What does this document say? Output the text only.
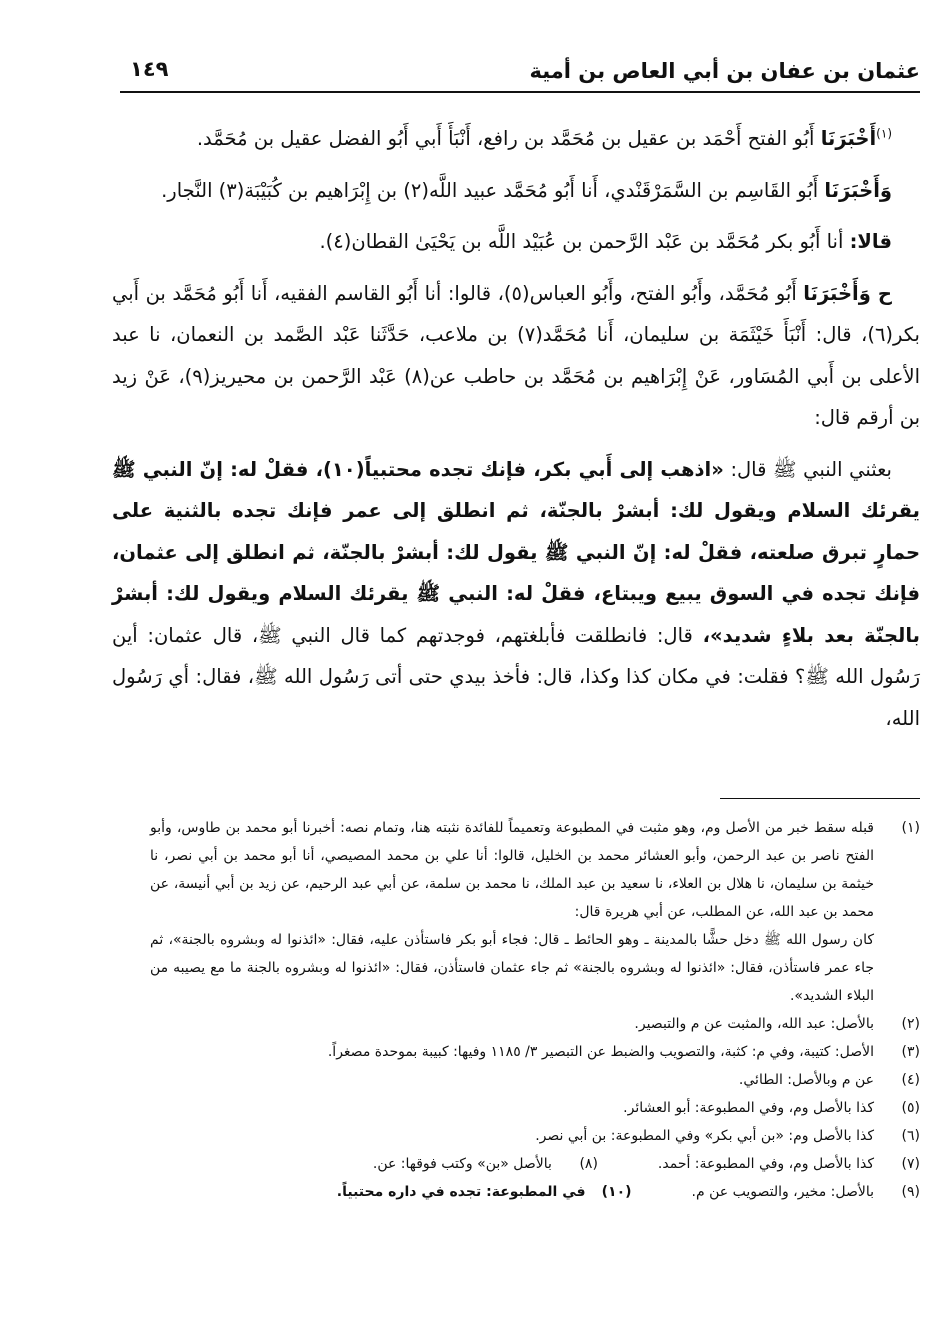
عثمان بن عفان بن أبي العاص بن أمية
١٤٩

$^{(١)}$أَخْبَرَنَا أَبُو الفتح أَحْمَد بن عقيل بن مُحَمَّد بن رافع، أَنْبَأَ أَبي أَبُو الفضل عقيل بن مُحَمَّد.

وَأَخْبَرَنَا أَبُو القَاسِم بن السَّمَرْقَنْدي، أَنا أَبُو مُحَمَّد عبيد اللَّه(٢) بن إِبْرَاهيم بن كُبَيْبَة(٣) النَّجار.

قالا: أنا أَبُو بكر مُحَمَّد بن عَبْد الرَّحمن بن عُبَيْد اللَّه بن يَحْيَىٰ القطان(٤).

ح وَأَخْبَرَنَا أَبُو مُحَمَّد، وأَبُو الفتح، وأَبُو العباس(٥)، قالوا: أنا أَبُو القاسم الفقيه، أَنا أَبُو مُحَمَّد بن أَبي بكر(٦)، قال: أَنْبَأَ خَيْثَمَة بن سليمان، أَنا مُحَمَّد(٧) بن ملاعب، حَدَّثَنا عَبْد الصَّمد بن النعمان، نا عبد الأعلى بن أَبي المُسَاور، عَنْ إِبْرَاهيم بن مُحَمَّد بن حاطب عن(٨) عَبْد الرَّحمن بن محيريز(٩)، عَنْ زيد بن أرقم قال:

بعثني النبي ﷺ قال: «اذهب إلى أَبي بكر، فإنك تجده محتبياً(١٠)، فقلْ له: إنّ النبي ﷺ يقرئك السلام ويقول لك: أبشرْ بالجنّة، ثم انطلق إلى عمر فإنك تجده بالثنية على حمارٍ تبرق صلعته، فقلْ له: إنّ النبي ﷺ يقول لك: أبشرْ بالجنّة، ثم انطلق إلى عثمان، فإنك تجده في السوق يبيع ويبتاع، فقلْ له: النبي ﷺ يقرئك السلام ويقول لك: أبشرْ بالجنّة بعد بلاءٍ شديد»، قال: فانطلقت فأبلغتهم، فوجدتهم كما قال النبي ﷺ، قال عثمان: أين رَسُول الله ﷺ؟ فقلت: في مكان كذا وكذا، قال: فأخذ بيدي حتى أتى رَسُول الله ﷺ، فقال: أي رَسُول الله،

(١)
قبله سقط خبر من الأصل وم، وهو مثبت في المطبوعة وتعميماً للفائدة نثبته هنا، وتمام نصه: أخبرنا أبو محمد بن طاوس، وأبو الفتح ناصر بن عبد الرحمن، وأبو العشائر محمد بن الخليل، قالوا: أنا علي بن محمد المصيصي، أنا أبو محمد بن أبي نصر، نا خيثمة بن سليمان، نا هلال بن العلاء، نا سعيد بن عبد الملك، نا محمد بن سلمة، عن أبي عبد الرحيم، عن زيد بن أبي أنيسة، عن محمد بن عبد الله، عن المطلب، عن أبي هريرة قال:

كان رسول الله ﷺ دخل حشًّا بالمدينة ـ وهو الحائط ـ قال: فجاء أبو بكر فاستأذن عليه، فقال: «ائذنوا له وبشروه بالجنة»، ثم جاء عمر فاستأذن، فقال: «ائذنوا له وبشروه بالجنة» ثم جاء عثمان فاستأذن، فقال: «ائذنوا له وبشروه بالجنة ما مع يصيبه من البلاء الشديد».

(٢)
بالأصل: عبد الله، والمثبت عن م والتبصير.

(٣)
الأصل: كتيبة، وفي م: كثبة، والتصويب والضبط عن التبصير ٣/ ١١٨٥ وفيها: كبيبة بموحدة مصغراً.

(٤)
عن م وبالأصل: الطائي.

(٥)
كذا بالأصل وم، وفي المطبوعة: أبو العشائر.

(٦)
كذا بالأصل وم: «بن أبي بكر» وفي المطبوعة: بن أبي نصر.

(٧)
كذا بالأصل وم، وفي المطبوعة: أحمد.

(٨)
بالأصل «بن» وكتب فوقها: عن.

(٩)
بالأصل: مخير، والتصويب عن م.

(١٠)
في المطبوعة: تجده في داره محتبياً.
